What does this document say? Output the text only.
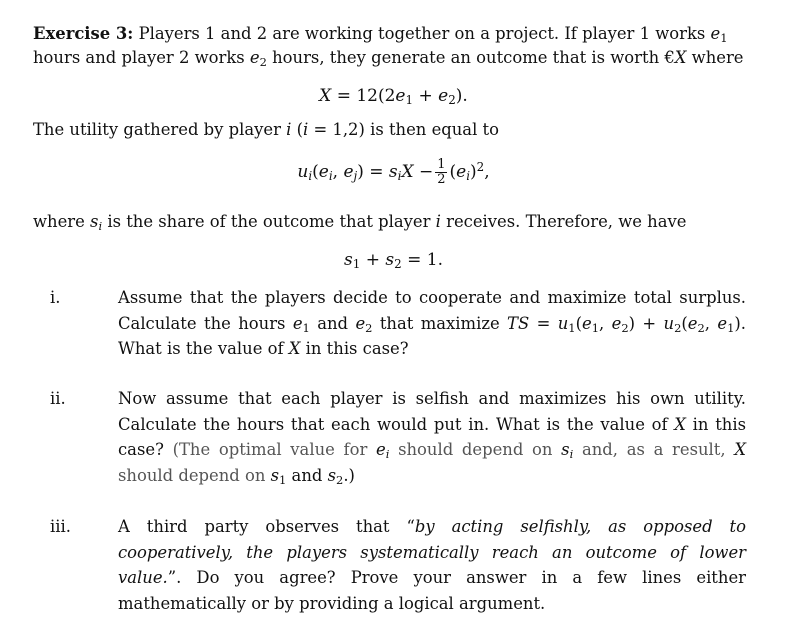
Exercise 3: Players 1 and 2 are working together on a project. If player 1 works $e_1$ hours and player 2 works $e_2$ hours, they generate an outcome that is worth €X where
$X = 12(2e_1 + e_2)$.
The utility gathered by player i (i = 1,2) is then equal to
$u_i(e_i$, $e_j) = s_iX - \frac{1}{2} (e_i)^2$,
where $s_i$ is the share of the outcome that player i receives. Therefore, we have
$s_1 + s_2 = 1$.
i.	Assume that the players decide to cooperate and maximize total surplus. Calculate the hours $e_1$ and $e_2$ that maximize TS = $u_1(e_1$, $e_2) + u_2(e_2$, $e_1$). What is the value of X in this case?
ii.	Now assume that each player is selfish and maximizes his own utility. Calculate the hours that each would put in. What is the value of X in this case? (The optimal value for $e_i$ should depend on $s_i$ and, as a result, X should depend on $s_1$ and $s_2$.)
iii.	A third party observes that “by acting selfishly, as opposed to cooperatively, the players systematically reach an outcome of lower value.”. Do you agree? Prove your answer in a few lines either mathematically or by providing a logical argument.
